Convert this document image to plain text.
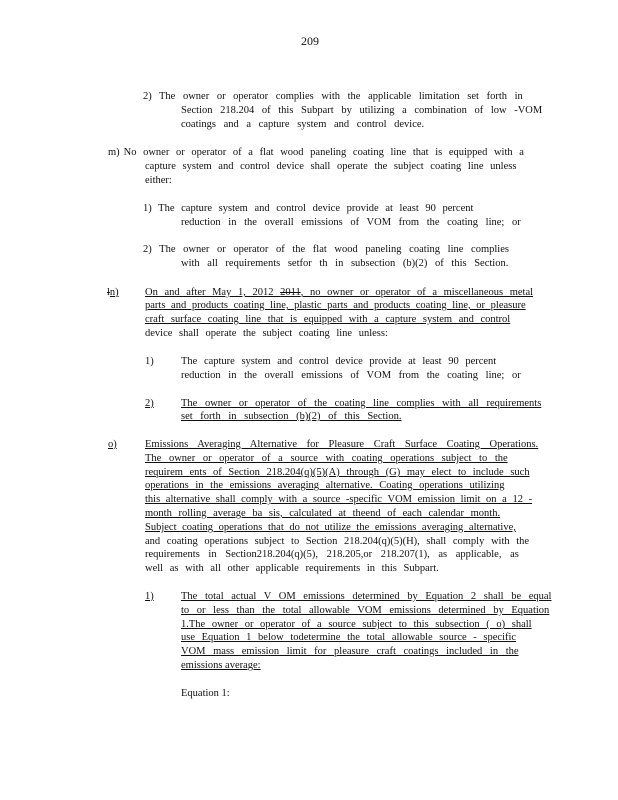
209
2) The owner or operator complies with the applicable limitation set forth in
Section 218.204 of this Subpart by utilizing a combination of low -VOM
coatings and a capture system and control device.
m)
No owner or operator of a flat wood paneling coating line that is equipped with a
capture system and control device shall operate the subject coating line unless
either:
1) The capture system and control device provide at least 90 percent
reduction in the overall emissions of VOM from the coating line; or
2) The owner or operator of the flat wood paneling coating line complies
with all requirements setfor th in subsection (b)(2) of this Section.
ln)	On and after May 1, 2012 2011, no owner or operator of a miscellaneous metal
parts and products coating line, plastic parts and products coating line, or pleasure
craft surface coating line that is equipped with a capture system and control
device shall operate the subject coating line unless:
1)	The capture system and control device provide at least 90 percent
reduction in the overall emissions of VOM from the coating line; or
2)	The owner or operator of the coating line complies with all requirements
set forth in subsection (b)(2) of this Section.
o)	Emissions Averaging Alternative for Pleasure Craft Surface Coating Operations.
The owner or operator of a source with coating operations subject to the
requirem ents of Section 218.204(q)(5)(A) through (G) may elect to include such
operations in the emissions averaging alternative. Coating operations utilizing
this alternative shall comply with a source -specific VOM emission limit on a 12 -
month rolling average ba sis, calculated at theend of each calendar month.
Subject coating operations that do not utilize the emissions averaging alternative,
and coating operations subject to Section 218.204(q)(5)(H), shall comply with the
requirements in Section218.204(q)(5), 218.205,or 218.207(1), as applicable, as
well as with all other applicable requirements in this Subpart.
1)	The total actual V OM emissions determined by Equation 2 shall be equal
to or less than the total allowable VOM emissions determined by Equation
1.The owner or operator of a source subject to this subsection ( o) shall
use Equation 1 below todetermine the total allowable source - specific
VOM mass emission limit for pleasure craft coatings included in the
emissions average:
Equation 1:
